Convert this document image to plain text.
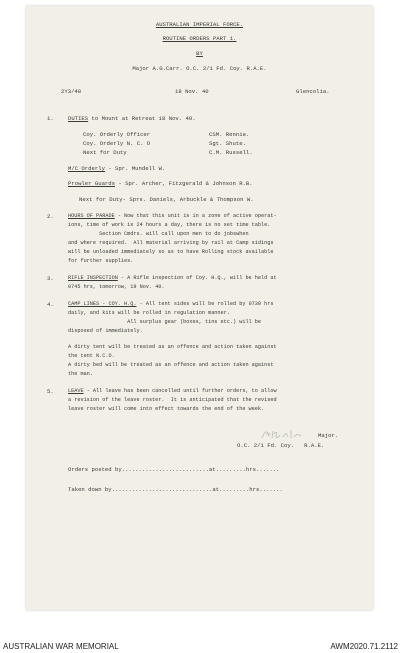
AUSTRALIAN IMPERIAL FORCE.
ROUTINE ORDERS PART 1.
BY
Major A.G.Carr. O.C. 2/1 Fd. Coy. R.A.E.
2Y3/40	18 Nov. 40	Glencolia.
1.	DUTIES to Mount at Retreat 18 Nov. 40.
Coy. Orderly Officer	CSM. Rennie.
Coy. Orderly N. C. O	Sgt. Shute.
Next for Duty	C.M. Russell.
M/C Orderly - Spr. Mundell W.
Prowler Guards - Spr. Archer, Fitzgerald & Johnson R.B.
Next for Duty- Sprs. Daniels, Arbuckle & Thompson W.
2.	HOURS OF PARADE - Now that this unit is in a zone of active operat-
ions, time of work is 24 hours a day, there is no set time table.
Section Cmdrs. will call upon men to do jobswhen
and where required.  All material arriving by rail at Camp sidings
will be unloaded immediately so as to have Rolling stock available
for further supplies.
3.	RIFLE INSPECTION - A Rifle inspection of Coy. H.Q., will be held at
0745 hrs, tomorrow, 19 Nov. 40.
4.	CAMP LINES - COY. H.Q. - All tent sides will be rolled by 0730 hrs
daily, and kits will be rolled in regulation manner.
All surplus gear (boxes, tins etc.) will be
disposed of immediately.
A dirty tent will be treated as an offence and action taken against
the tent N.C.O.
A dirty bed will be treated as an offence and action taken against
the man.
5.	LEAVE - All leave has been cancelled until further orders, to allow
a revision of the leave roster.  It is anticipated that the revised
leave roster will come into effect towards the end of the week.
Major.
O.C. 2/1 Fd. Coy.   R.A.E.
Orders posted by..........................at.........hrs.......
Taken down by..............................at.........hrs.......
AUSTRALIAN WAR MEMORIAL	AWM2020.71.2112
